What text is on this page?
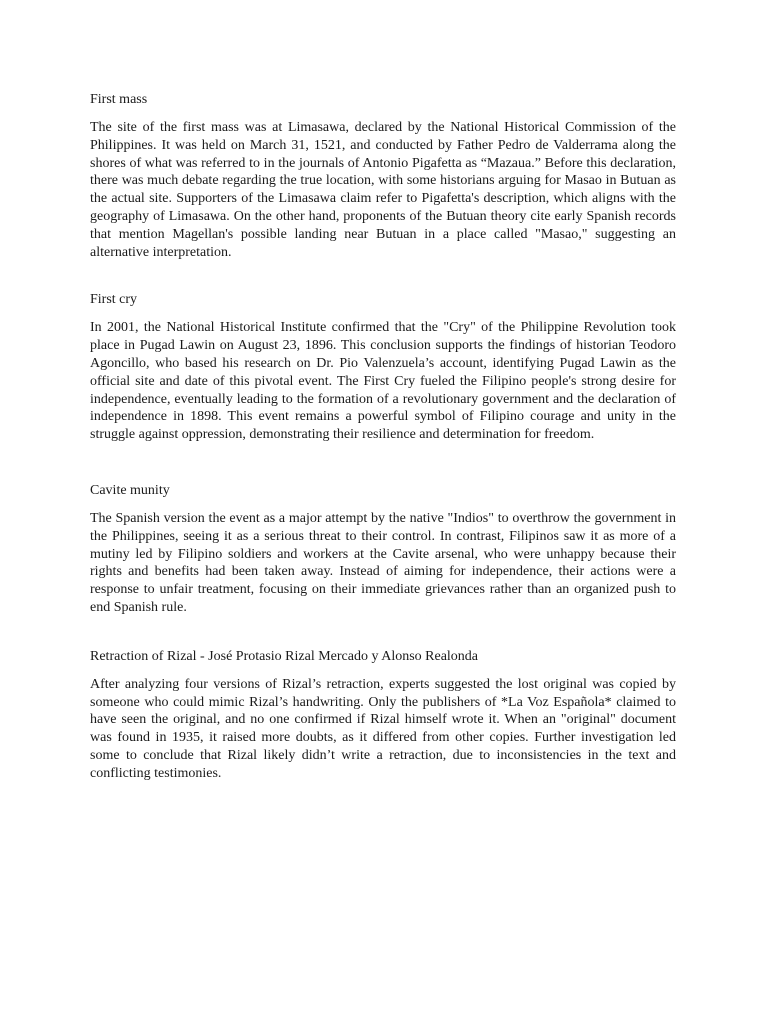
First mass

The site of the first mass was at Limasawa, declared by the National Historical Commission of the Philippines. It was held on March 31, 1521, and conducted by Father Pedro de Valderrama along the shores of what was referred to in the journals of Antonio Pigafetta as “Mazaua.” Before this declaration, there was much debate regarding the true location, with some historians arguing for Masao in Butuan as the actual site. Supporters of the Limasawa claim refer to Pigafetta's description, which aligns with the geography of Limasawa. On the other hand, proponents of the Butuan theory cite early Spanish records that mention Magellan's possible landing near Butuan in a place called "Masao," suggesting an alternative interpretation.

First cry

In 2001, the National Historical Institute confirmed that the "Cry" of the Philippine Revolution took place in Pugad Lawin on August 23, 1896. This conclusion supports the findings of historian Teodoro Agoncillo, who based his research on Dr. Pio Valenzuela’s account, identifying Pugad Lawin as the official site and date of this pivotal event. The First Cry fueled the Filipino people's strong desire for independence, eventually leading to the formation of a revolutionary government and the declaration of independence in 1898. This event remains a powerful symbol of Filipino courage and unity in the struggle against oppression, demonstrating their resilience and determination for freedom.

Cavite munity

The Spanish version the event as a major attempt by the native "Indios" to overthrow the government in the Philippines, seeing it as a serious threat to their control. In contrast, Filipinos saw it as more of a mutiny led by Filipino soldiers and workers at the Cavite arsenal, who were unhappy because their rights and benefits had been taken away. Instead of aiming for independence, their actions were a response to unfair treatment, focusing on their immediate grievances rather than an organized push to end Spanish rule.

Retraction of Rizal - José Protasio Rizal Mercado y Alonso Realonda

After analyzing four versions of Rizal’s retraction, experts suggested the lost original was copied by someone who could mimic Rizal’s handwriting. Only the publishers of *La Voz Española* claimed to have seen the original, and no one confirmed if Rizal himself wrote it. When an "original" document was found in 1935, it raised more doubts, as it differed from other copies. Further investigation led some to conclude that Rizal likely didn’t write a retraction, due to inconsistencies in the text and conflicting testimonies.
